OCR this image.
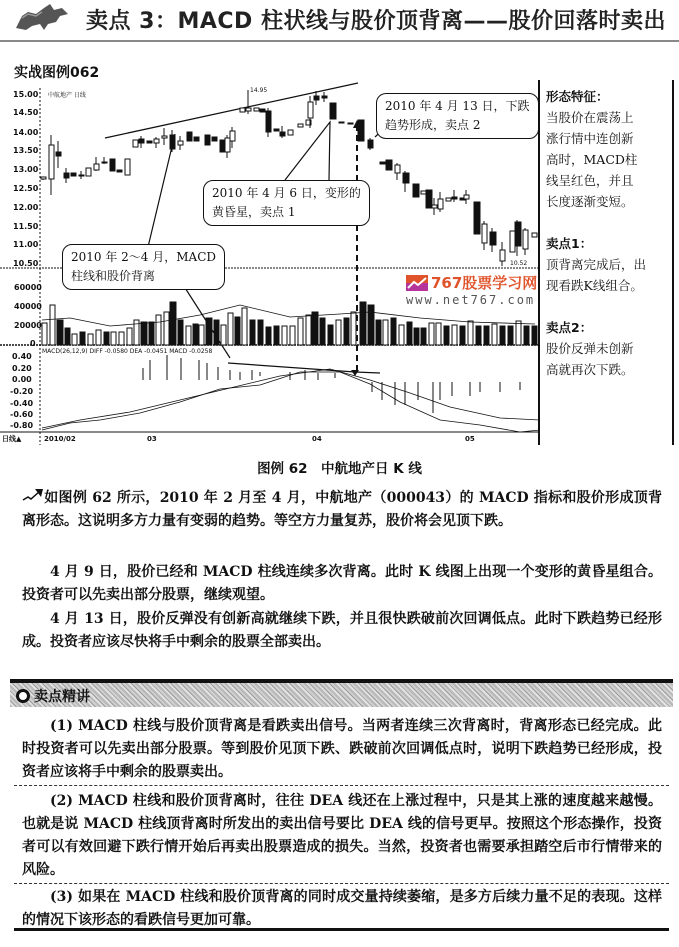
卖点 3：MACD 柱状线与股价顶背离——股价回落时卖出
实战图例062
15.00
14.50
14.00
13.50
13.00
12.50
12.00
11.50
11.00
10.50
中航地产 日线
14.95
10.52
60000
40000
20000
0
MACD(26,12,9) DIFF -0.0580 DEA -0.0451 MACD -0.0258
0.40
0.20
0.00
-0.20
-0.40
-0.60
-0.80
日线▲	2010/02	03	04	05
2010 年 2～4 月，MACD
柱线和股价背离
2010 年 4 月 6 日，变形的
黄昏星，卖点 1
2010 年 4 月 13 日，下跌
趋势形成，卖点 2
767股票学习网
www.net767.com

形态特征：

当股价在震荡上

涨行情中连创新

高时，MACD柱

线呈红色，并且

长度逐渐变短。

卖点1：

顶背离完成后，出

现看跌K线组合。

卖点2：

股价反弹未创新

高就再次下跌。

图例 62　中航地产日 K 线
如图例 62 所示，2010 年 2 月至 4 月，中航地产（000043）的 MACD 指标和股价形成顶背离形态。这说明多方力量有变弱的趋势。等空方力量复苏，股价将会见顶下跌。
4 月 9 日，股价已经和 MACD 柱线连续多次背离。此时 K 线图上出现一个变形的黄昏星组合。投资者可以先卖出部分股票，继续观望。
4 月 13 日，股价反弹没有创新高就继续下跌，并且很快跌破前次回调低点。此时下跌趋势已经形成。投资者应该尽快将手中剩余的股票全部卖出。
卖点精讲
(1) MACD 柱线与股价顶背离是看跌卖出信号。当两者连续三次背离时，背离形态已经完成。此时投资者可以先卖出部分股票。等到股价见顶下跌、跌破前次回调低点时，说明下跌趋势已经形成，投资者应该将手中剩余的股票卖出。
(2) MACD 柱线和股价顶背离时，往往 DEA 线还在上涨过程中，只是其上涨的速度越来越慢。也就是说 MACD 柱线顶背离时所发出的卖出信号要比 DEA 线的信号更早。按照这个形态操作，投资者可以有效回避下跌行情开始后再卖出股票造成的损失。当然，投资者也需要承担踏空后市行情带来的风险。
(3) 如果在 MACD 柱线和股价顶背离的同时成交量持续萎缩，是多方后续力量不足的表现。这样的情况下该形态的看跌信号更加可靠。
